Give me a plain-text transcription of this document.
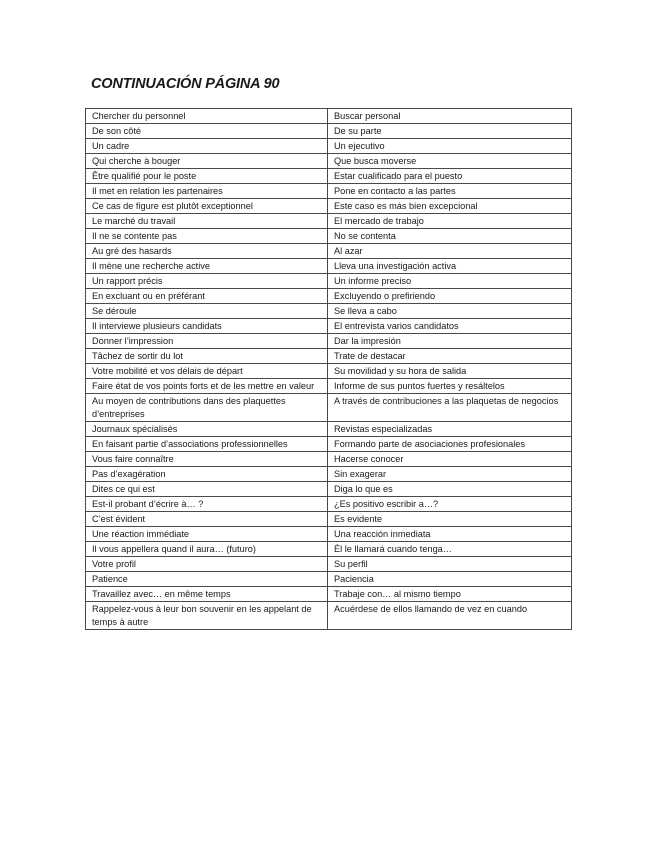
CONTINUACIÓN PÁGINA 90
Chercher du personnel	Buscar personal
De son côté	De su parte
Un cadre	Un ejecutivo
Qui cherche à bouger	Que busca moverse
Être qualifié pour le poste	Estar cualificado para el puesto
Il met en relation les partenaires	Pone en contacto a las partes
Ce cas de figure est plutôt exceptionnel	Este caso es más bien excepcional
Le marché du travail	El mercado de trabajo
Il ne se contente pas	No se contenta
Au gré des hasards	Al azar
Il mène une recherche active	Lleva una investigación activa
Un rapport précis	Un informe preciso
En excluant ou en préférant	Excluyendo o prefiriendo
Se déroule	Se lleva a cabo
Il interviewe plusieurs candidats	El entrevista varios candidatos
Donner l’impression	Dar la impresión
Tâchez de sortir du lot	Trate de destacar
Votre mobilité et vos délais de départ	Su movilidad y su hora de salida
Faire état de vos points forts et de les mettre en valeur	Informe de sus puntos fuertes y resáltelos
Au moyen de contributions dans des plaquettes d’entreprises	A través de contribuciones a las plaquetas de negocios
Journaux spécialisés	Revistas especializadas
En faisant partie d’associations professionnelles	Formando parte de asociaciones profesionales
Vous faire connaître	Hacerse conocer
Pas d’exagération	Sin exagerar
Dites ce qui est	Diga lo que es
Est-il probant d’écrire à… ?	¿Es positivo escribir a…?
C’est évident	Es evidente
Une réaction immédiate	Una reacción inmediata
Il vous appellera quand il aura… (futuro)	Él le llamará cuando tenga…
Votre profil	Su perfil
Patience	Paciencia
Travaillez avec… en même temps	Trabaje con… al mismo tiempo
Rappelez-vous à leur bon souvenir en les appelant de temps à autre	Acuérdese de ellos llamando de vez en cuando
